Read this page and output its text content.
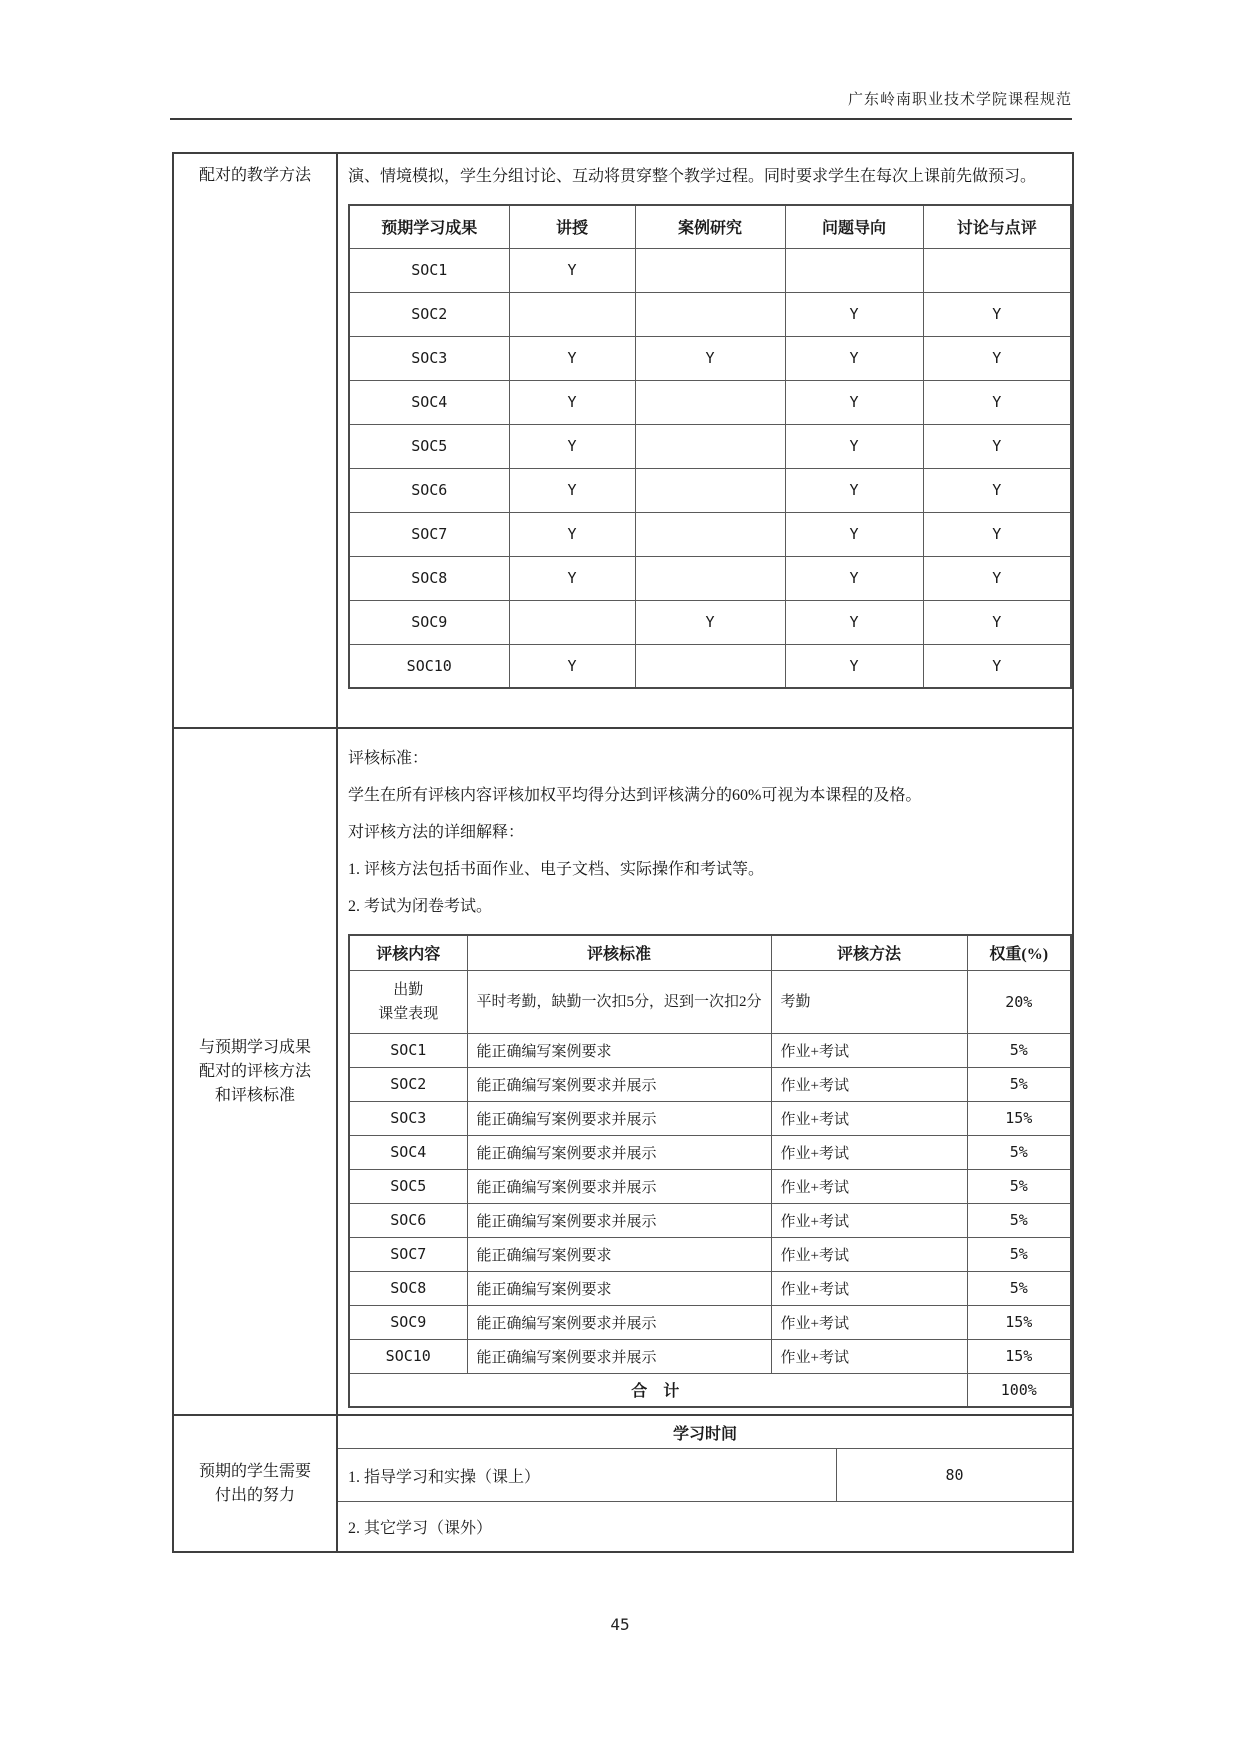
广东岭南职业技术学院课程规范
配对的教学方法	演、情境模拟，学生分组讨论、互动将贯穿整个教学过程。同时要求学生在每次上课前先做预习。

预期学习成果	讲授	案例研究	问题导向	讨论与点评
SOC1	Y			
SOC2			Y	Y
SOC3	Y	Y	Y	Y
SOC4	Y		Y	Y
SOC5	Y		Y	Y
SOC6	Y		Y	Y
SOC7	Y		Y	Y
SOC8	Y		Y	Y
SOC9		Y	Y	Y
SOC10	Y		Y	Y
与预期学习成果
配对的评核方法
和评核标准

评核标准：

学生在所有评核内容评核加权平均得分达到评核满分的60%可视为本课程的及格。

对评核方法的详细解释：

1. 评核方法包括书面作业、电子文档、实际操作和考试等。

2. 考试为闭卷考试。

评核内容	评核标准	评核方法	权重(%)

出勤
课堂表现	平时考勤，缺勤一次扣5分，迟到一次扣2分	考勤	20%
SOC1	能正确编写案例要求	作业+考试	5%
SOC2	能正确编写案例要求并展示	作业+考试	5%
SOC3	能正确编写案例要求并展示	作业+考试	15%
SOC4	能正确编写案例要求并展示	作业+考试	5%
SOC5	能正确编写案例要求并展示	作业+考试	5%
SOC6	能正确编写案例要求并展示	作业+考试	5%
SOC7	能正确编写案例要求	作业+考试	5%
SOC8	能正确编写案例要求	作业+考试	5%
SOC9	能正确编写案例要求并展示	作业+考试	15%
SOC10	能正确编写案例要求并展示	作业+考试	15%
合 计			100%
预期的学生需要
付出的努力
学习时间
1. 指导学习和实操（课上）	80
2. 其它学习（课外）
45
